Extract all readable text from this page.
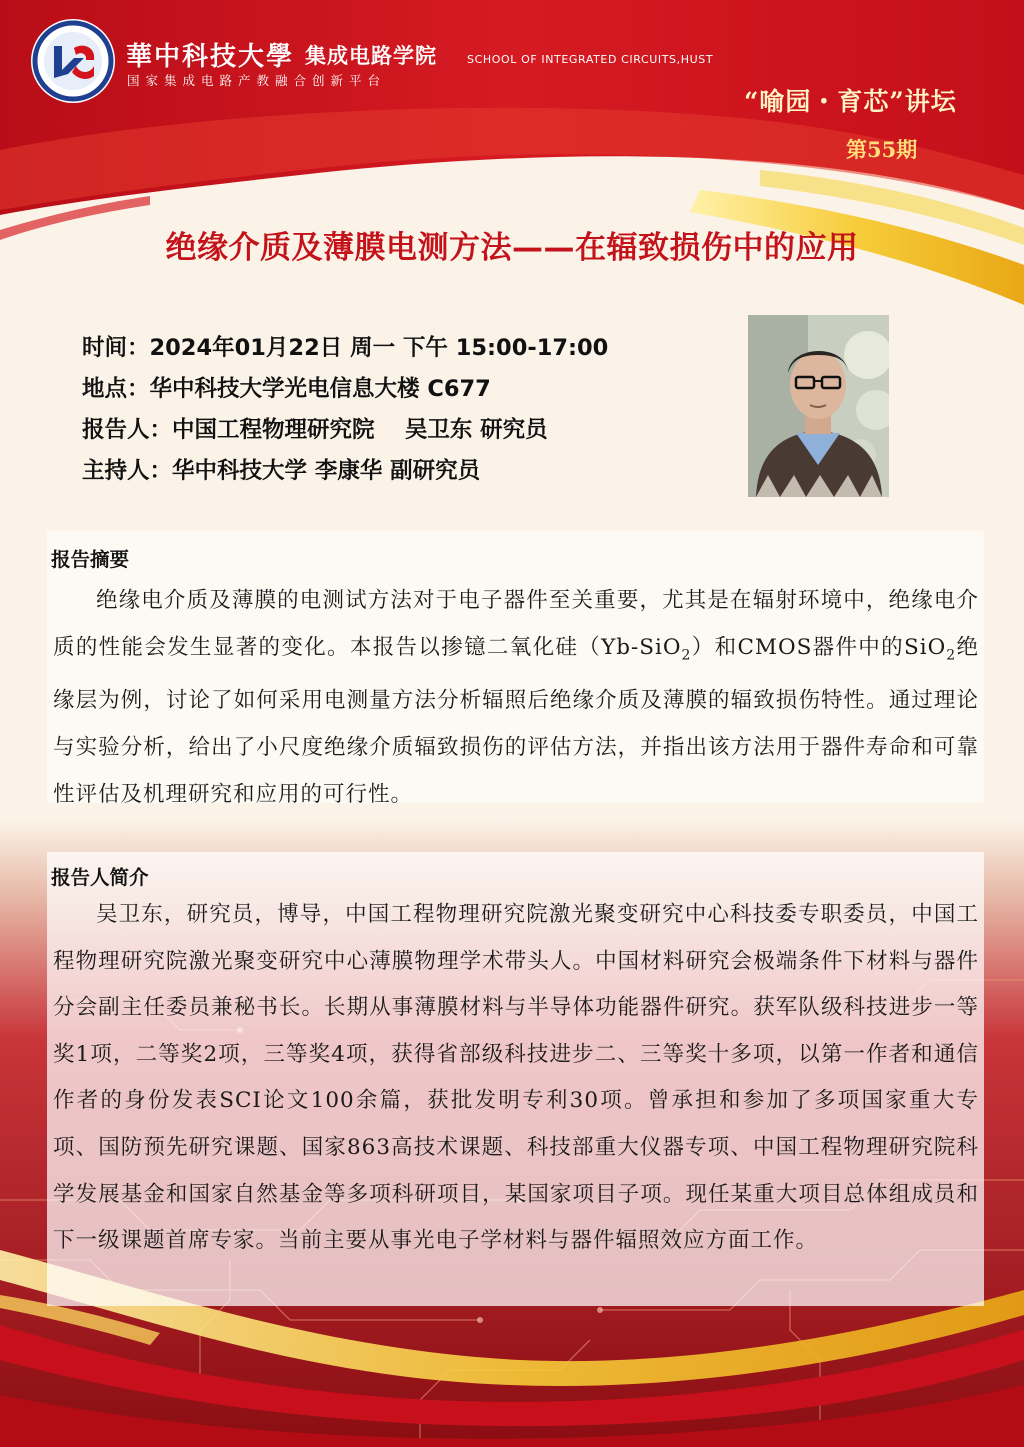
華中科技大學 集成电路学院	SCHOOL OF INTEGRATED CIRCUITS,HUST
国家集成电路产教融合创新平台
“喻园・育芯”讲坛
第55期
绝缘介质及薄膜电测方法——在辐致损伤中的应用
时间：2024年01月22日 周一 下午 15:00-17:00
地点：华中科技大学光电信息大楼 C677
报告人：中国工程物理研究院　 吴卫东 研究员
主持人：华中科技大学 李康华 副研究员
报告摘要
绝缘电介质及薄膜的电测试方法对于电子器件至关重要，尤其是在辐射环境中，绝缘电介质的性能会发生显著的变化。本报告以掺镱二氧化硅（Yb-SiO$_2$）和CMOS器件中的SiO$_2$绝缘层为例，讨论了如何采用电测量方法分析辐照后绝缘介质及薄膜的辐致损伤特性。通过理论与实验分析，给出了小尺度绝缘介质辐致损伤的评估方法，并指出该方法用于器件寿命和可靠性评估及机理研究和应用的可行性。
报告人简介
吴卫东，研究员，博导，中国工程物理研究院激光聚变研究中心科技委专职委员，中国工程物理研究院激光聚变研究中心薄膜物理学术带头人。中国材料研究会极端条件下材料与器件分会副主任委员兼秘书长。长期从事薄膜材料与半导体功能器件研究。获军队级科技进步一等奖1项，二等奖2项，三等奖4项，获得省部级科技进步二、三等奖十多项，以第一作者和通信作者的身份发表SCI论文100余篇，获批发明专利30项。曾承担和参加了多项国家重大专项、国防预先研究课题、国家863高技术课题、科技部重大仪器专项、中国工程物理研究院科学发展基金和国家自然基金等多项科研项目，某国家项目子项。现任某重大项目总体组成员和下一级课题首席专家。当前主要从事光电子学材料与器件辐照效应方面工作。
